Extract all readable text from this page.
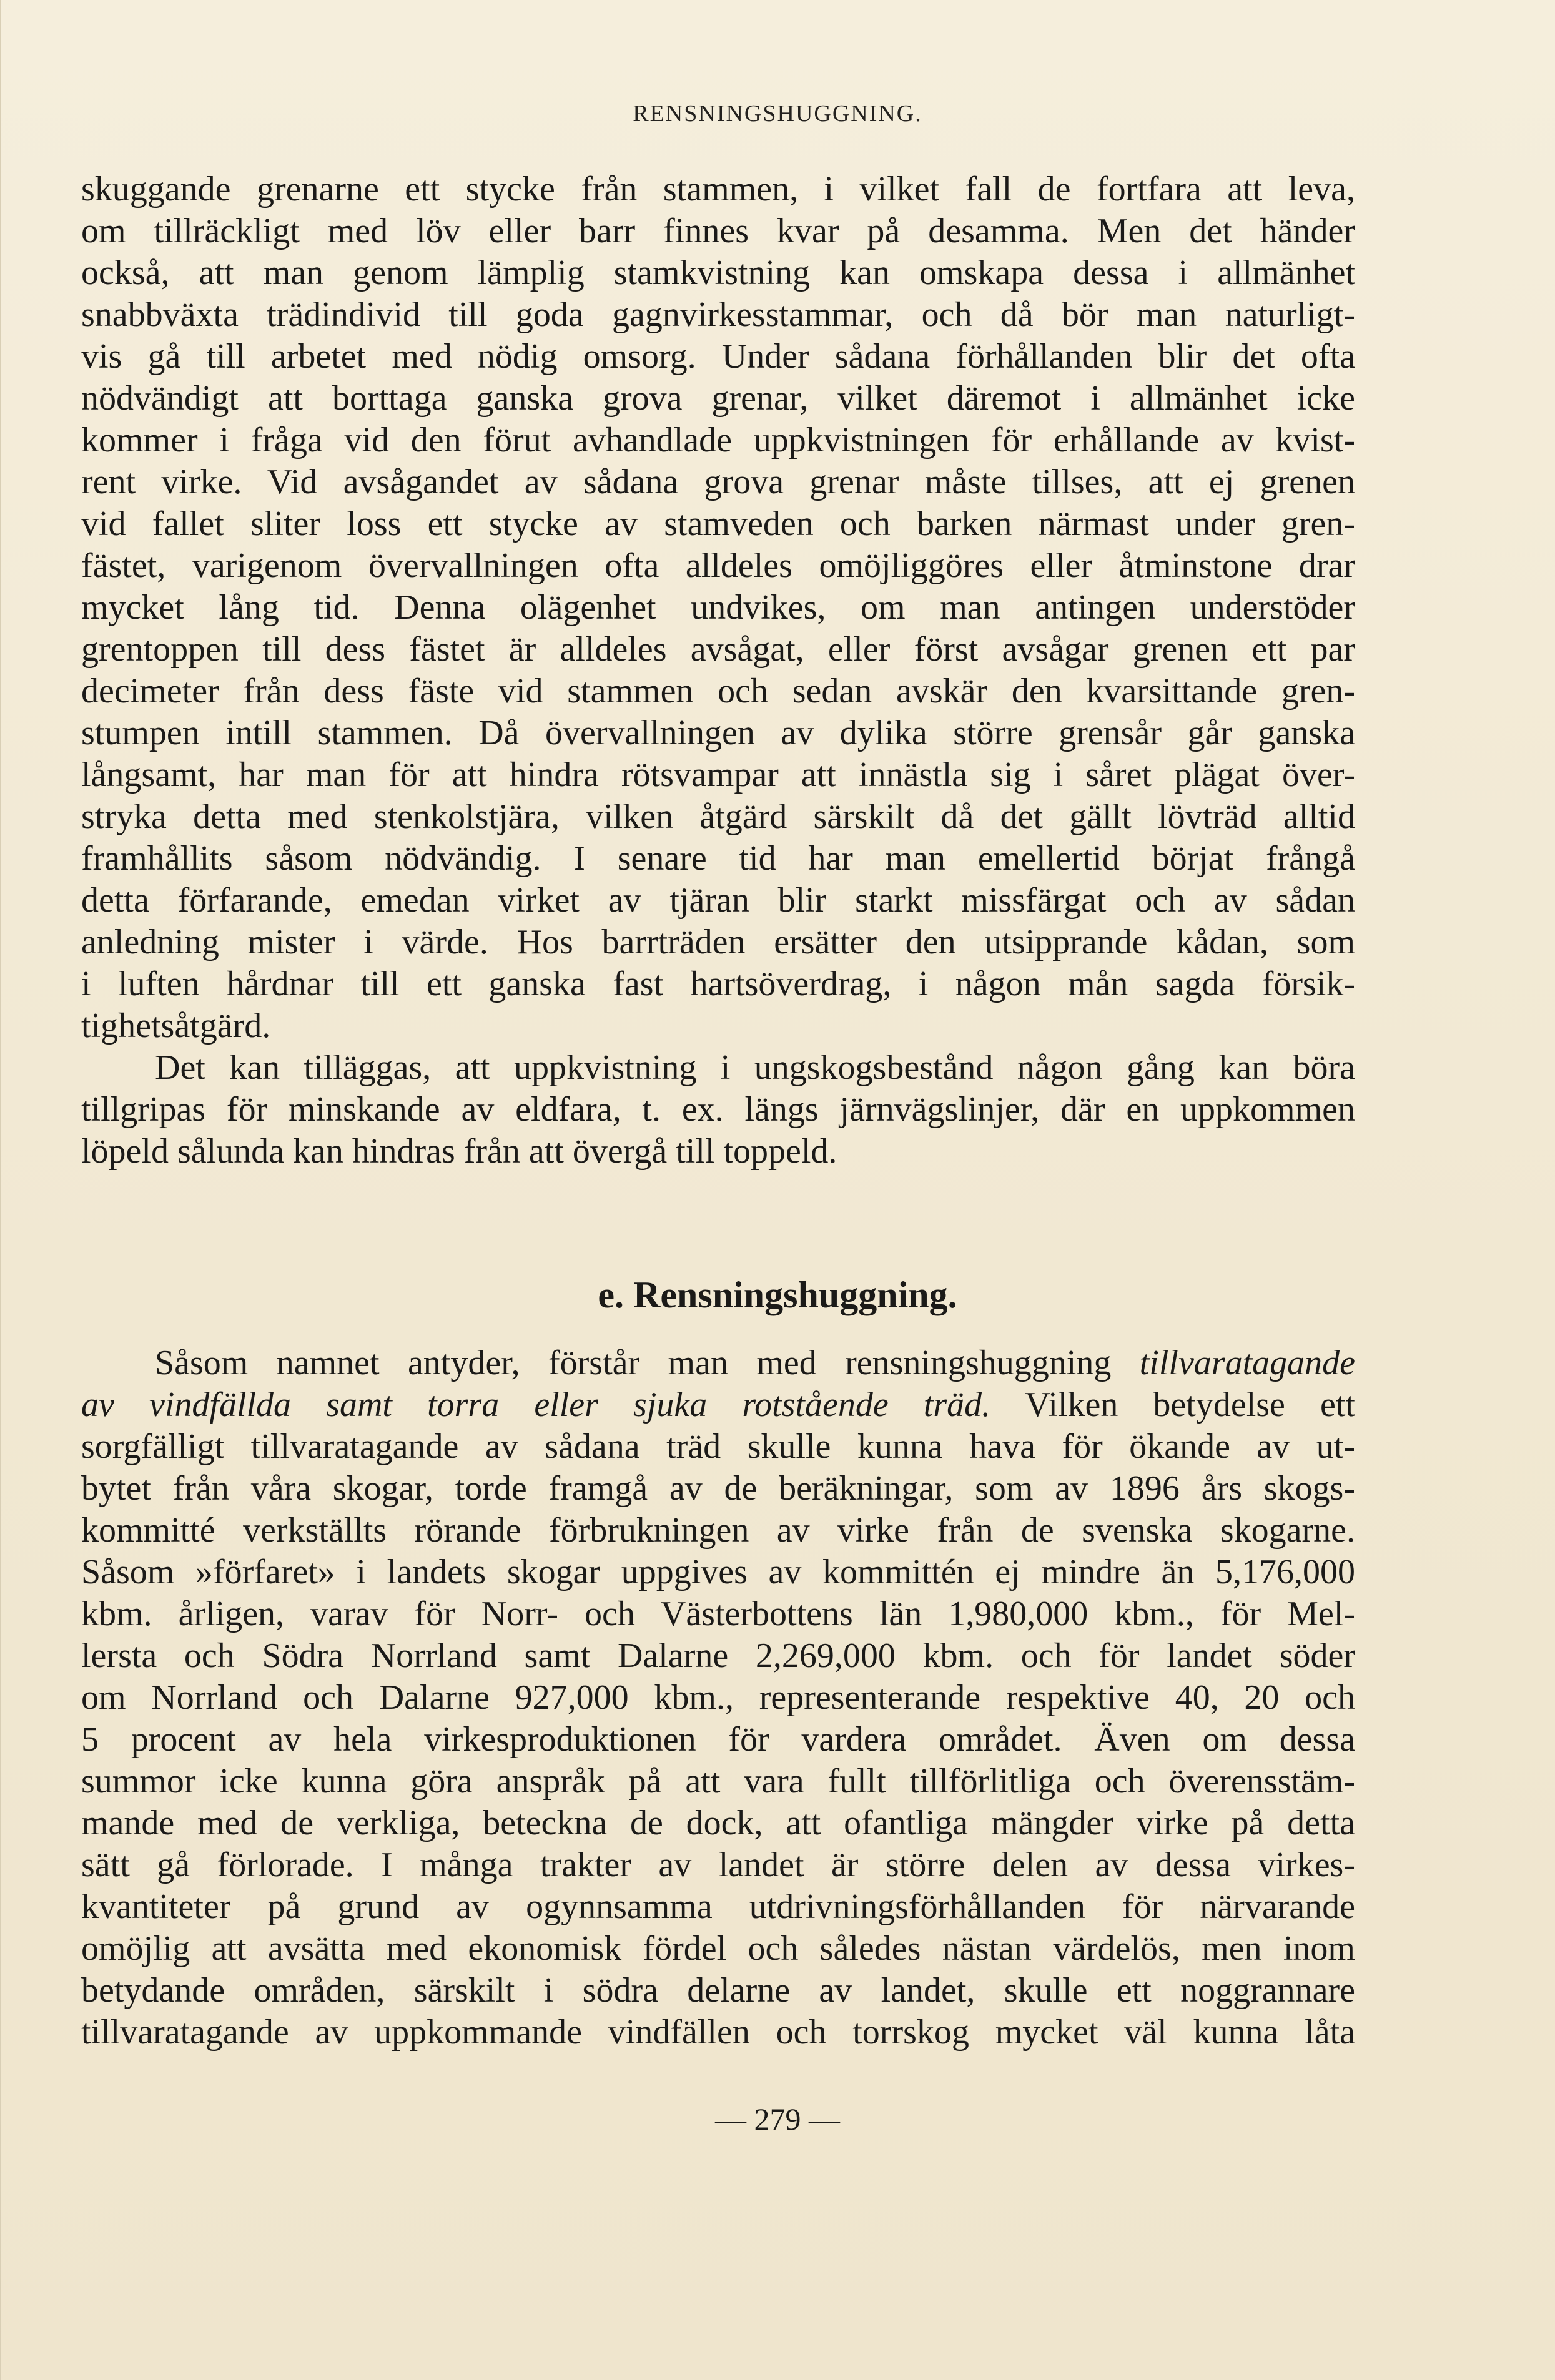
RENSNINGSHUGGNING.
skuggande grenarne ett stycke från stammen, i vilket fall de fortfara att leva,
om tillräckligt med löv eller barr finnes kvar på desamma. Men det händer
också, att man genom lämplig stamkvistning kan omskapa dessa i allmänhet
snabbväxta trädindivid till goda gagnvirkesstammar, och då bör man naturligt-
vis gå till arbetet med nödig omsorg. Under sådana förhållanden blir det ofta
nödvändigt att borttaga ganska grova grenar, vilket däremot i allmänhet icke
kommer i fråga vid den förut avhandlade uppkvistningen för erhållande av kvist-
rent virke. Vid avsågandet av sådana grova grenar måste tillses, att ej grenen
vid fallet sliter loss ett stycke av stamveden och barken närmast under gren-
fästet, varigenom övervallningen ofta alldeles omöjliggöres eller åtminstone drar
mycket lång tid. Denna olägenhet undvikes, om man antingen understöder
grentoppen till dess fästet är alldeles avsågat, eller först avsågar grenen ett par
decimeter från dess fäste vid stammen och sedan avskär den kvarsittande gren-
stumpen intill stammen. Då övervallningen av dylika större grensår går ganska
långsamt, har man för att hindra rötsvampar att innästla sig i såret plägat över-
stryka detta med stenkolstjära, vilken åtgärd särskilt då det gällt lövträd alltid
framhållits såsom nödvändig. I senare tid har man emellertid börjat frångå
detta förfarande, emedan virket av tjäran blir starkt missfärgat och av sådan
anledning mister i värde. Hos barrträden ersätter den utsipprande kådan, som
i luften hårdnar till ett ganska fast hartsöverdrag, i någon mån sagda försik-
tighetsåtgärd.
Det kan tilläggas, att uppkvistning i ungskogsbestånd någon gång kan böra
tillgripas för minskande av eldfara, t. ex. längs järnvägslinjer, där en uppkommen
löpeld sålunda kan hindras från att övergå till toppeld.
e. Rensningshuggning.
Såsom namnet antyder, förstår man med rensningshuggning tillvaratagande
av vindfällda samt torra eller sjuka rotstående träd. Vilken betydelse ett
sorgfälligt tillvaratagande av sådana träd skulle kunna hava för ökande av ut-
bytet från våra skogar, torde framgå av de beräkningar, som av 1896 års skogs-
kommitté verkställts rörande förbrukningen av virke från de svenska skogarne.
Såsom »förfaret» i landets skogar uppgives av kommittén ej mindre än 5,176,000
kbm. årligen, varav för Norr- och Västerbottens län 1,980,000 kbm., för Mel-
lersta och Södra Norrland samt Dalarne 2,269,000 kbm. och för landet söder
om Norrland och Dalarne 927,000 kbm., representerande respektive 40, 20 och
5 procent av hela virkesproduktionen för vardera området. Även om dessa
summor icke kunna göra anspråk på att vara fullt tillförlitliga och överensstäm-
mande med de verkliga, beteckna de dock, att ofantliga mängder virke på detta
sätt gå förlorade. I många trakter av landet är större delen av dessa virkes-
kvantiteter på grund av ogynnsamma utdrivningsförhållanden för närvarande
omöjlig att avsätta med ekonomisk fördel och således nästan värdelös, men inom
betydande områden, särskilt i södra delarne av landet, skulle ett noggrannare
tillvaratagande av uppkommande vindfällen och torrskog mycket väl kunna låta
— 279 —
